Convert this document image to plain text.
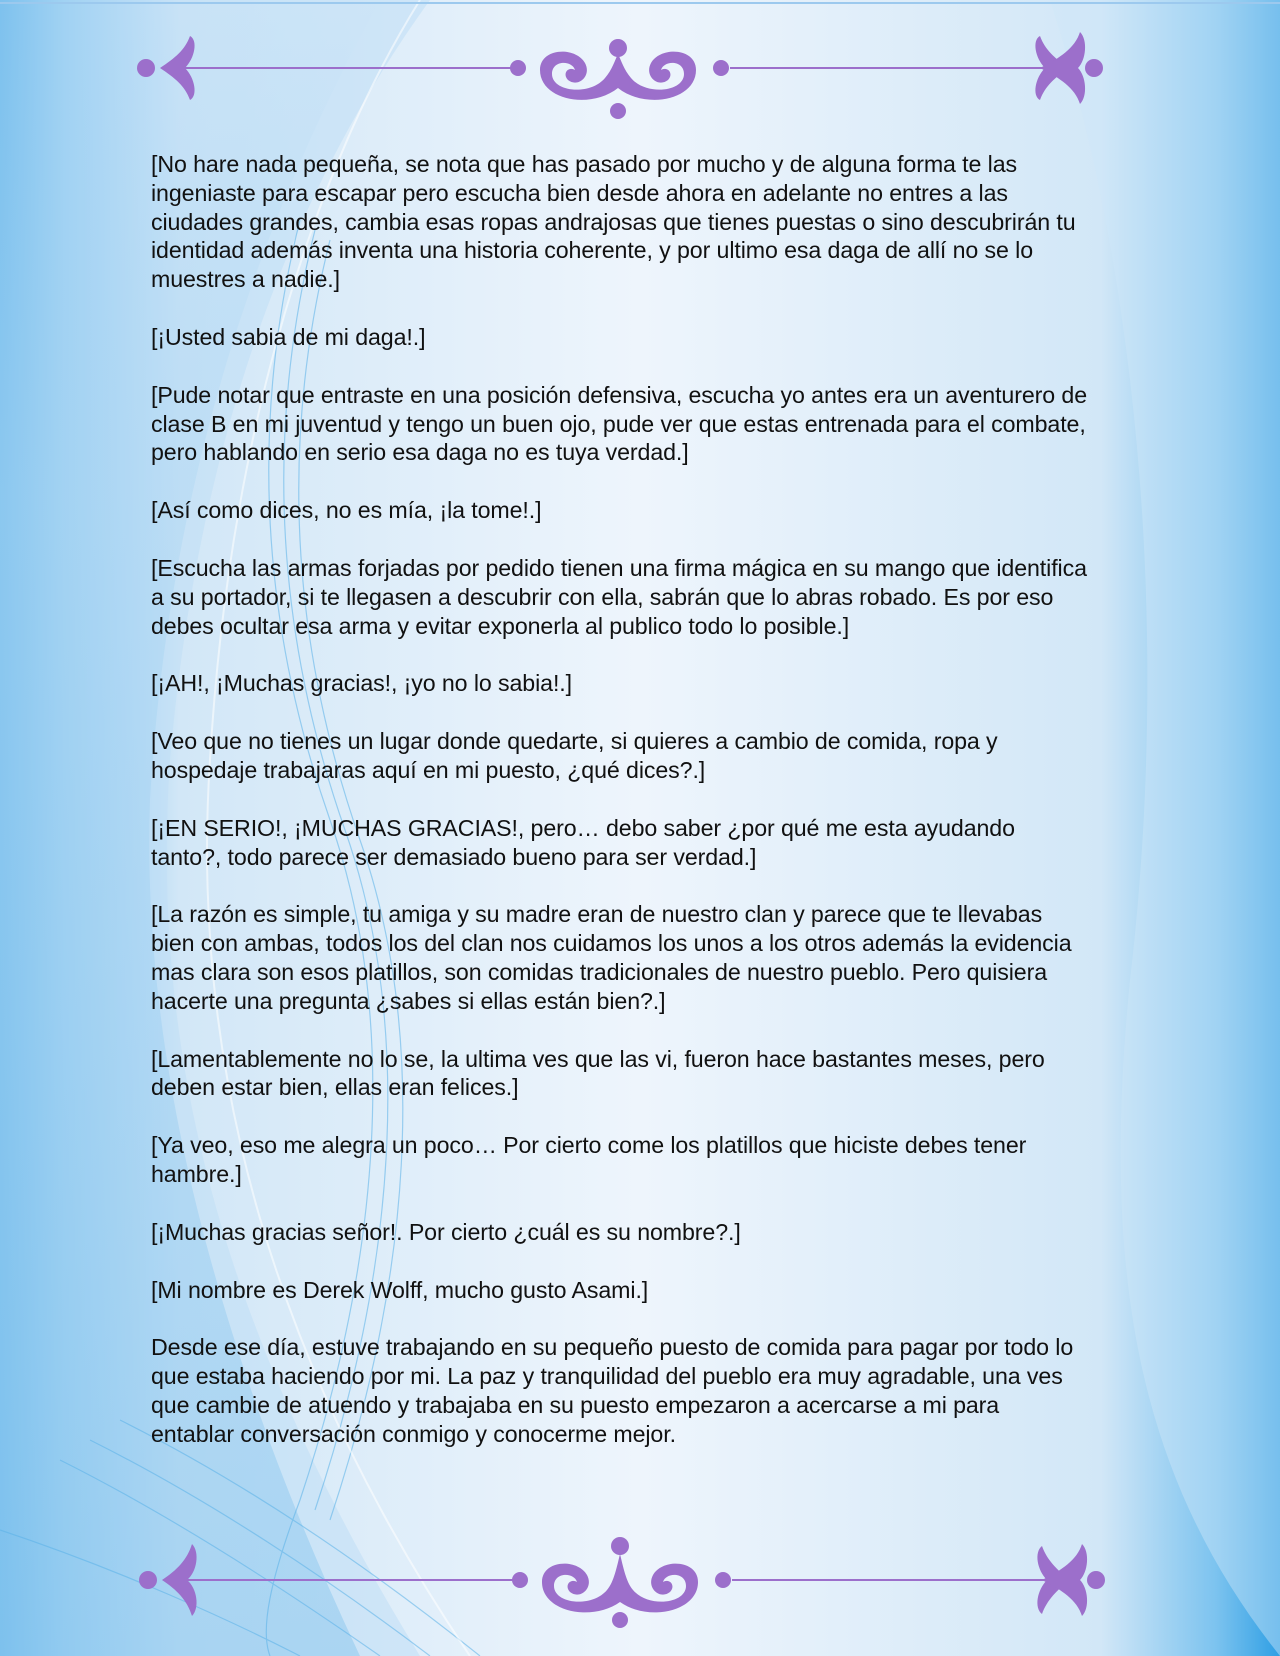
[No hare nada pequeña, se nota que has pasado por mucho y de alguna forma te las ingeniaste para escapar pero escucha bien desde ahora en adelante no entres a las ciudades grandes, cambia esas ropas andrajosas que tienes puestas o sino descubrirán tu identidad además inventa una historia coherente, y por ultimo esa daga de allí no se lo muestres a nadie.]

[¡Usted sabia de mi daga!.]

[Pude notar que entraste en una posición defensiva, escucha yo antes era un aventurero de clase B en mi juventud y tengo un buen ojo, pude ver que estas entrenada para el combate, pero hablando en serio esa daga no es tuya verdad.]

[Así como dices, no es mía, ¡la tome!.]

[Escucha las armas forjadas por pedido tienen una firma mágica en su mango que identifica a su portador, si te llegasen a descubrir con ella, sabrán que lo abras robado. Es por eso debes ocultar esa arma y evitar exponerla al publico todo lo posible.]

[¡AH!, ¡Muchas gracias!, ¡yo no lo sabia!.]

[Veo que no tienes un lugar donde quedarte, si quieres a cambio de comida, ropa y hospedaje trabajaras aquí en mi puesto, ¿qué dices?.]

[¡EN SERIO!, ¡MUCHAS GRACIAS!, pero… debo saber ¿por qué me esta ayudando tanto?, todo parece ser demasiado bueno para ser verdad.]

[La razón es simple, tu amiga y su madre eran de nuestro clan y parece que te llevabas bien con ambas, todos los del clan nos cuidamos los unos a los otros además la evidencia mas clara son esos platillos, son comidas tradicionales de nuestro pueblo. Pero quisiera hacerte una pregunta ¿sabes si ellas están bien?.]

[Lamentablemente no lo se, la ultima ves que las vi, fueron hace bastantes meses, pero deben estar bien, ellas eran felices.]

[Ya veo, eso me alegra un poco… Por cierto come los platillos que hiciste debes tener hambre.]

[¡Muchas gracias señor!. Por cierto ¿cuál es su nombre?.]

[Mi nombre es Derek Wolff, mucho gusto Asami.]

Desde ese día, estuve trabajando en su pequeño puesto de comida para pagar por todo lo que estaba haciendo por mi. La paz y tranquilidad del pueblo era muy agradable, una ves que cambie de atuendo y trabajaba en su puesto empezaron a acercarse a mi para entablar conversación conmigo y conocerme mejor.
